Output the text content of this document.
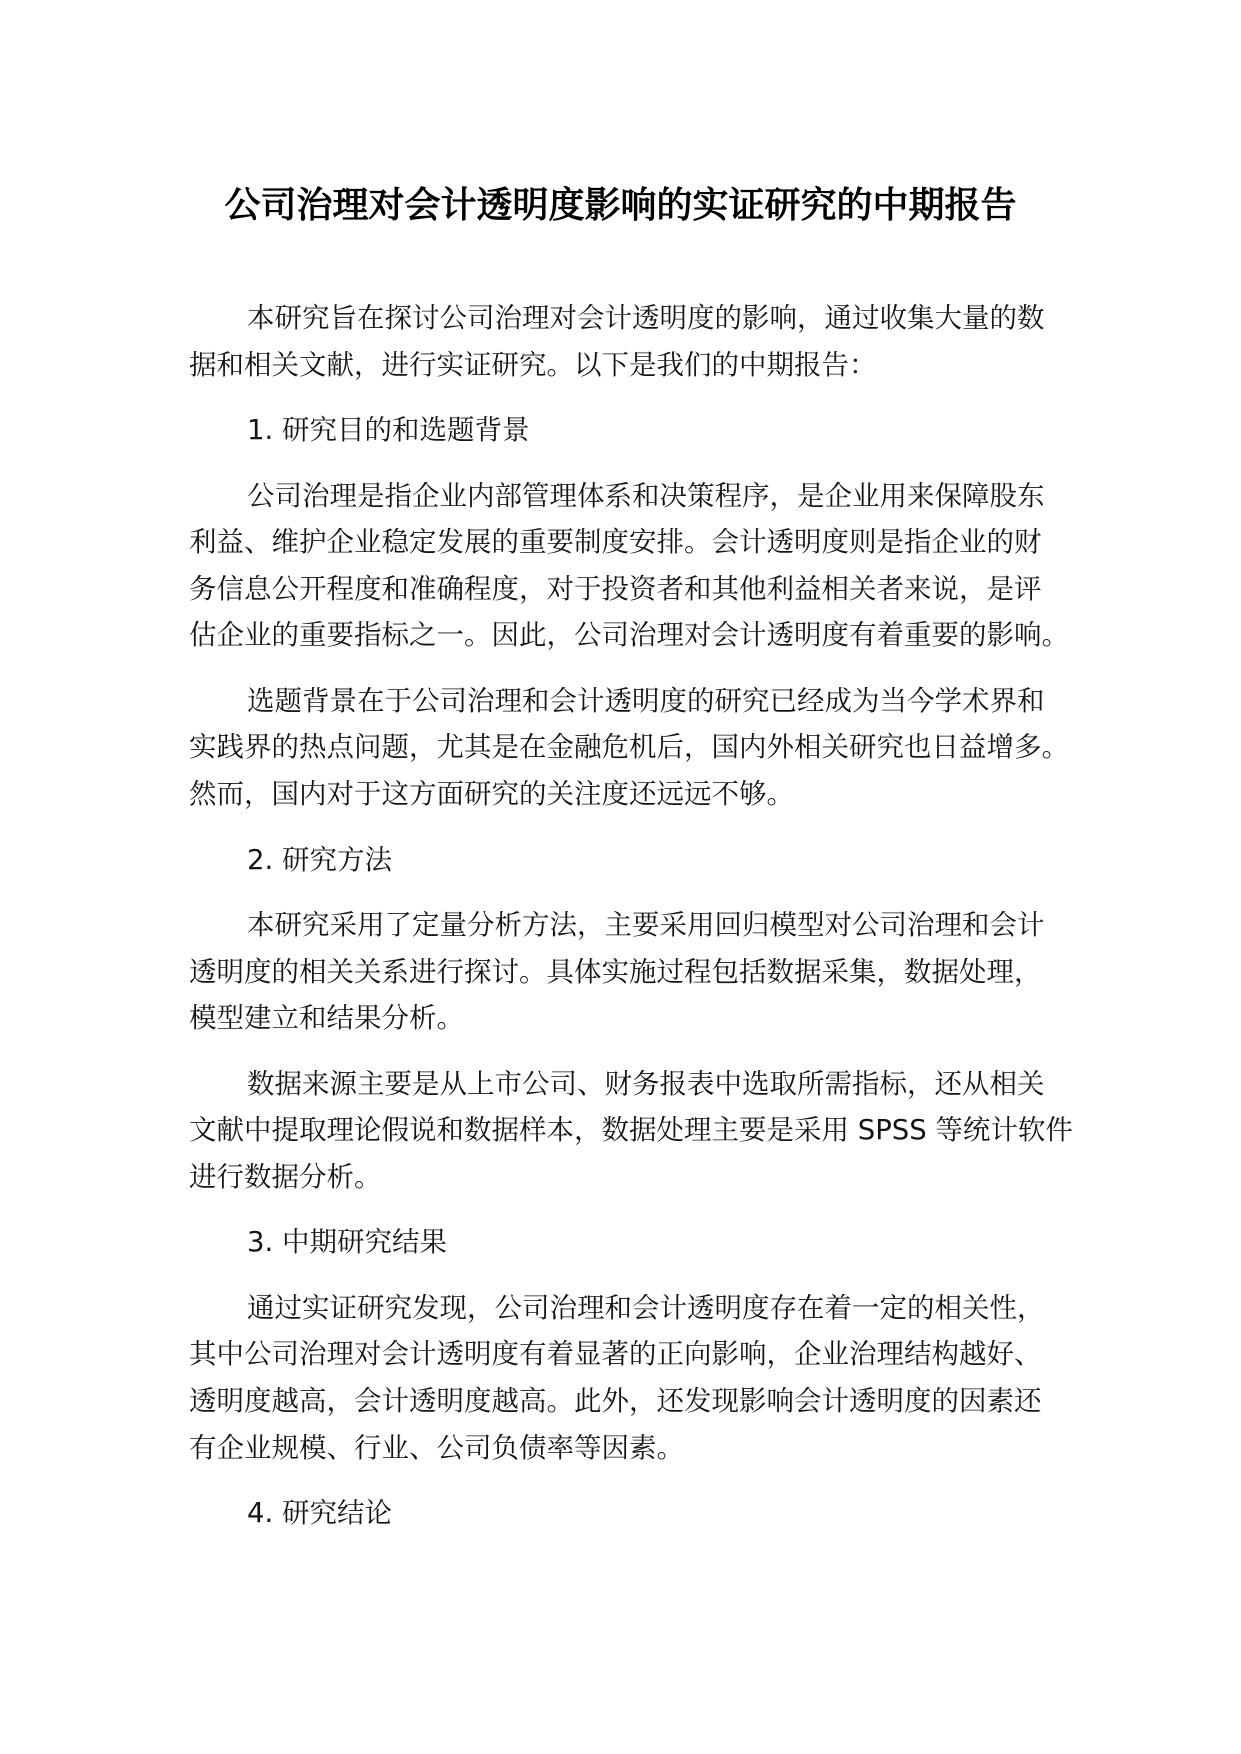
公司治理对会计透明度影响的实证研究的中期报告
本研究旨在探讨公司治理对会计透明度的影响，通过收集大量的数
据和相关文献，进行实证研究。以下是我们的中期报告：
1. 研究目的和选题背景
公司治理是指企业内部管理体系和决策程序，是企业用来保障股东
利益、维护企业稳定发展的重要制度安排。会计透明度则是指企业的财
务信息公开程度和准确程度，对于投资者和其他利益相关者来说，是评
估企业的重要指标之一。因此，公司治理对会计透明度有着重要的影响。
选题背景在于公司治理和会计透明度的研究已经成为当今学术界和
实践界的热点问题，尤其是在金融危机后，国内外相关研究也日益增多。
然而，国内对于这方面研究的关注度还远远不够。
2. 研究方法
本研究采用了定量分析方法，主要采用回归模型对公司治理和会计
透明度的相关关系进行探讨。具体实施过程包括数据采集，数据处理，
模型建立和结果分析。
数据来源主要是从上市公司、财务报表中选取所需指标，还从相关
文献中提取理论假说和数据样本，数据处理主要是采用 SPSS 等统计软件
进行数据分析。
3. 中期研究结果
通过实证研究发现，公司治理和会计透明度存在着一定的相关性，
其中公司治理对会计透明度有着显著的正向影响，企业治理结构越好、
透明度越高，会计透明度越高。此外，还发现影响会计透明度的因素还
有企业规模、行业、公司负债率等因素。
4. 研究结论
